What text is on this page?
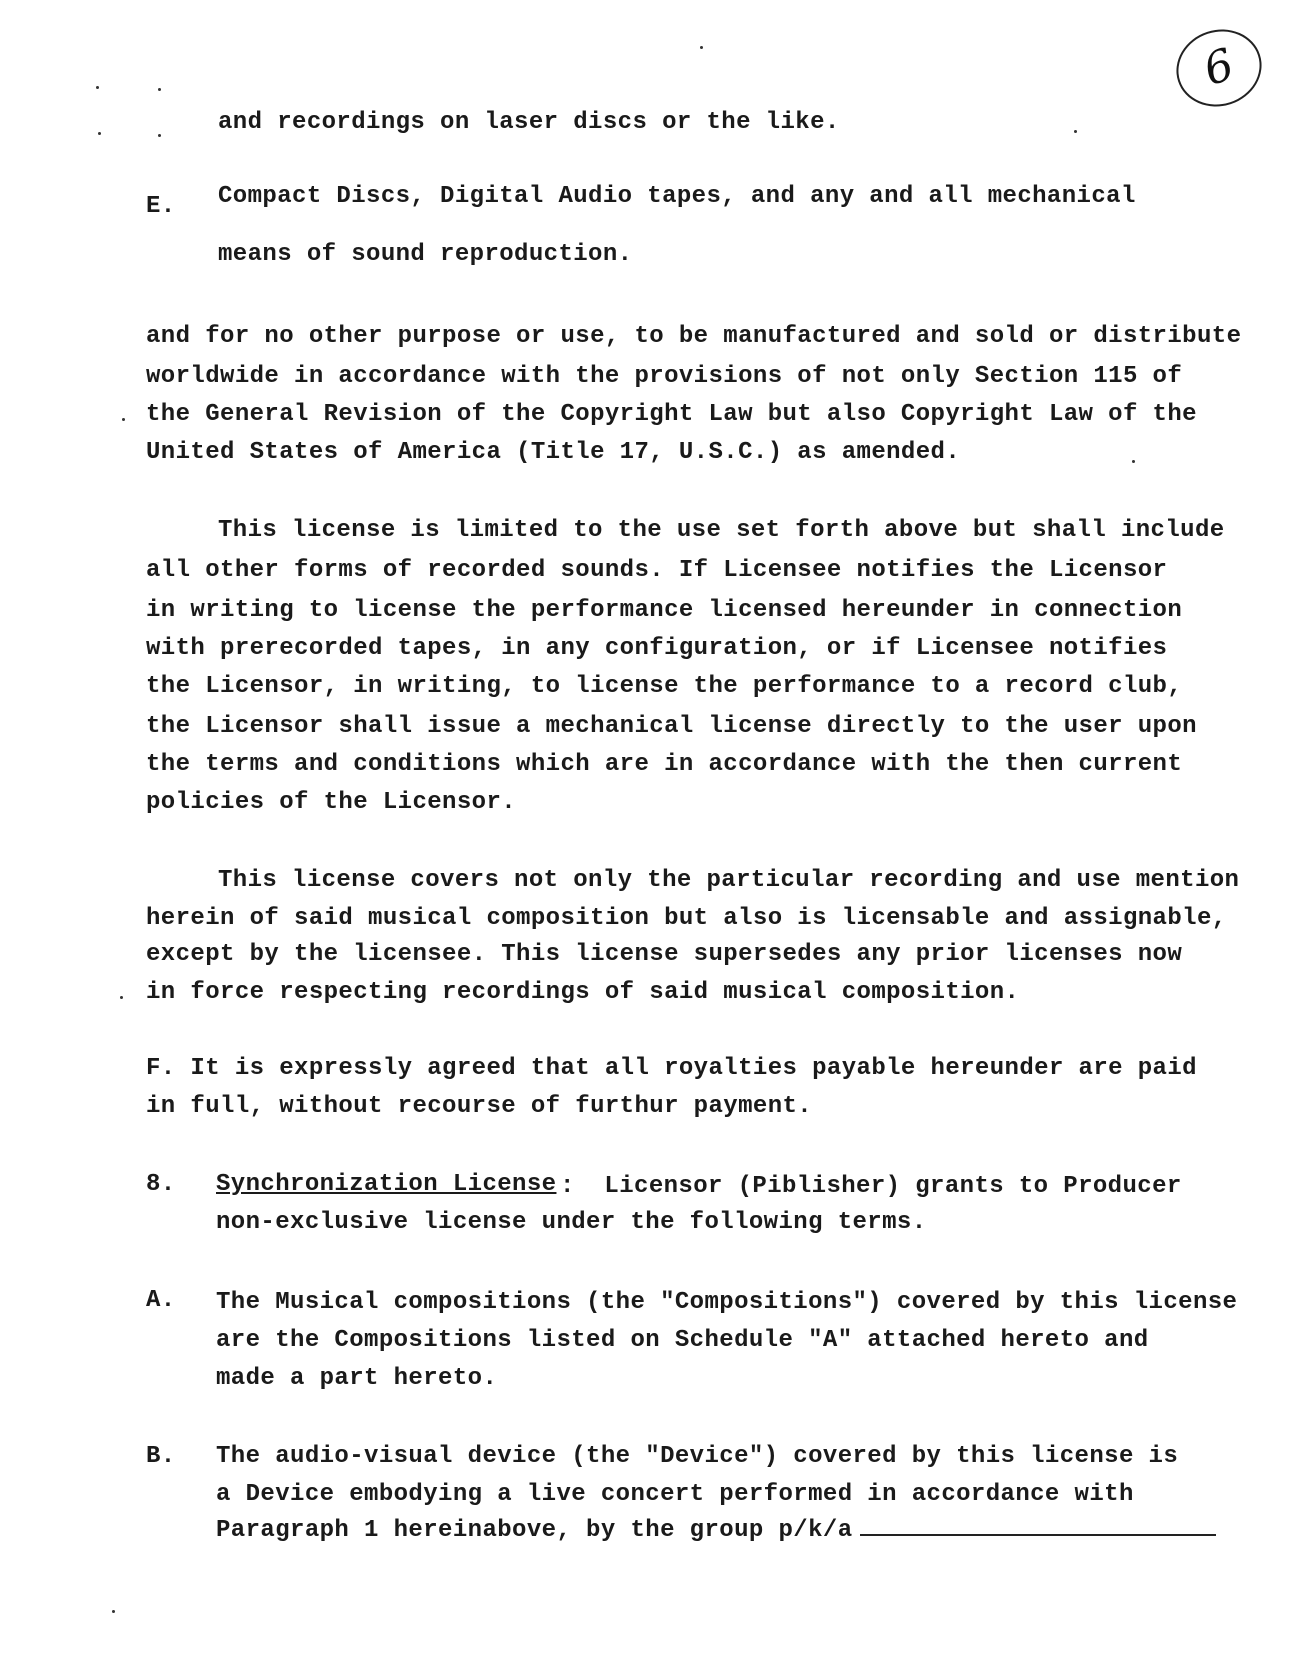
6
and recordings on laser discs or the like.
E. Compact Discs, Digital Audio tapes, and any and all mechanical
means of sound reproduction.
and for no other purpose or use, to be manufactured and sold or distribute
worldwide in accordance with the provisions of not only Section 115 of
the General Revision of the Copyright Law but also Copyright Law of the
United States of America (Title 17, U.S.C.) as amended.
This license is limited to the use set forth above but shall include
all other forms of recorded sounds. If Licensee notifies the Licensor
in writing to license the performance licensed hereunder in connection
with prerecorded tapes, in any configuration, or if Licensee notifies
the Licensor, in writing, to license the performance to a record club,
the Licensor shall issue a mechanical license directly to the user upon
the terms and conditions which are in accordance with the then current
policies of the Licensor.
This license covers not only the particular recording and use mention
herein of said musical composition but also is licensable and assignable,
except by the licensee. This license supersedes any prior licenses now
in force respecting recordings of said musical composition.
F. It is expressly agreed that all royalties payable hereunder are paid
in full, without recourse of furthur payment.
8. Synchronization License :  Licensor (Piblisher) grants to Producer
non-exclusive license under the following terms.
A. The Musical compositions (the "Compositions") covered by this license
are the Compositions listed on Schedule "A" attached hereto and
made a part hereto.
B. The audio-visual device (the "Device") covered by this license is
a Device embodying a live concert performed in accordance with
Paragraph 1 hereinabove, by the group p/k/a
